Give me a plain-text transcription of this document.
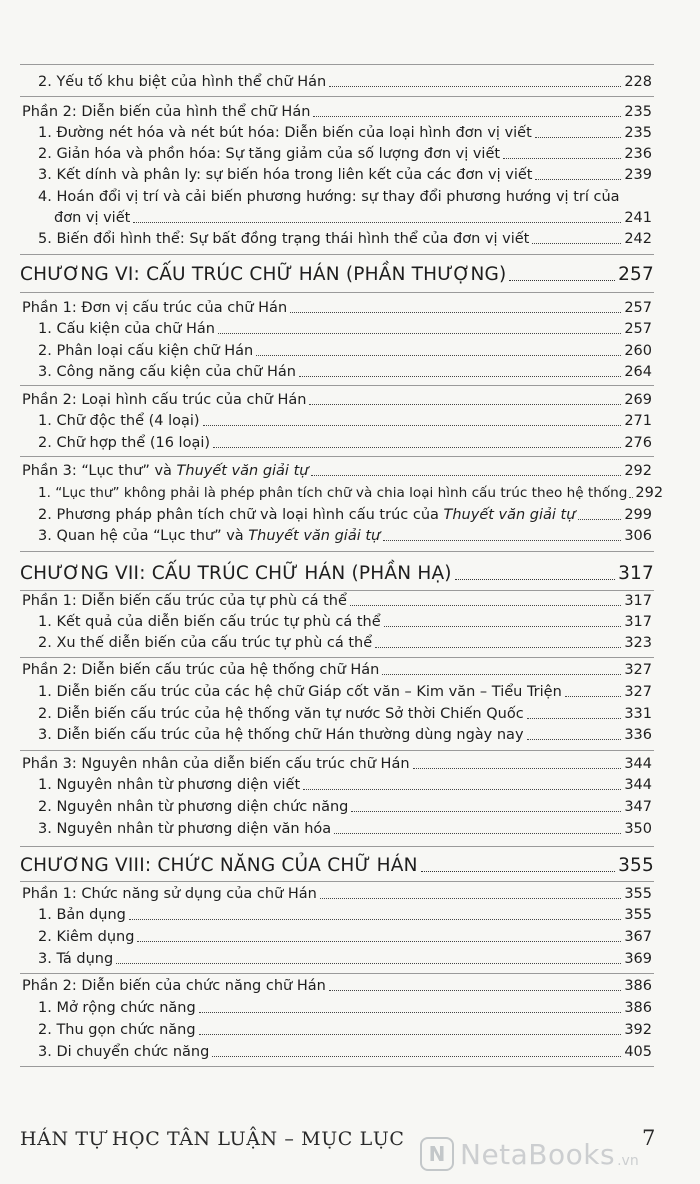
2. Yếu tố khu biệt của hình thể chữ Hán	228
Phần 2: Diễn biến của hình thể chữ Hán	235
1. Đường nét hóa và nét bút hóa: Diễn biến của loại hình đơn vị viết	235
2. Giản hóa và phồn hóa: Sự tăng giảm của số lượng đơn vị viết	236
3. Kết dính và phân ly: sự biến hóa trong liên kết của các đơn vị viết	239
4. Hoán đổi vị trí và cải biến phương hướng: sự thay đổi phương hướng vị trí của
đơn vị viết	241
5. Biến đổi hình thể: Sự bất đồng trạng thái hình thể của đơn vị viết	242
CHƯƠNG VI: CẤU TRÚC CHỮ HÁN (PHẦN THƯỢNG)	257
Phần 1: Đơn vị cấu trúc của chữ Hán	257
1. Cấu kiện của chữ Hán	257
2. Phân loại cấu kiện chữ Hán	260
3. Công năng cấu kiện của chữ Hán	264
Phần 2: Loại hình cấu trúc của chữ Hán	269
1. Chữ độc thể (4 loại)	271
2. Chữ hợp thể (16 loại)	276
Phần 3: “Lục thư” và Thuyết văn giải tự	292
1. “Lục thư” không phải là phép phân tích chữ và chia loại hình cấu trúc theo hệ thống 292
2. Phương pháp phân tích chữ và loại hình cấu trúc của Thuyết văn giải tự	299
3. Quan hệ của “Lục thư” và Thuyết văn giải tự	306
CHƯƠNG VII: CẤU TRÚC CHỮ HÁN (PHẦN HẠ)	317
Phần 1: Diễn biến cấu trúc của tự phù cá thể	317
1. Kết quả của diễn biến cấu trúc tự phù cá thể	317
2. Xu thế diễn biến của cấu trúc tự phù cá thể	323
Phần 2: Diễn biến cấu trúc của hệ thống chữ Hán	327
1. Diễn biến cấu trúc của các hệ chữ Giáp cốt văn – Kim văn – Tiểu Triện	327
2. Diễn biến cấu trúc của hệ thống văn tự nước Sở thời Chiến Quốc	331
3. Diễn biến cấu trúc của hệ thống chữ Hán thường dùng ngày nay	336
Phần 3: Nguyên nhân của diễn biến cấu trúc chữ Hán	344
1. Nguyên nhân từ phương diện viết	344
2. Nguyên nhân từ phương diện chức năng	347
3. Nguyên nhân từ phương diện văn hóa	350
CHƯƠNG VIII: CHỨC NĂNG CỦA CHỮ HÁN	355
Phần 1: Chức năng sử dụng của chữ Hán	355
1. Bản dụng	355
2. Kiêm dụng	367
3. Tá dụng	369
Phần 2: Diễn biến của chức năng chữ Hán	386
1. Mở rộng chức năng	386
2. Thu gọn chức năng	392
3. Di chuyển chức năng	405
HÁN TỰ HỌC TÂN LUẬN – MỤC LỤC	7
N NetaBooks .vn
